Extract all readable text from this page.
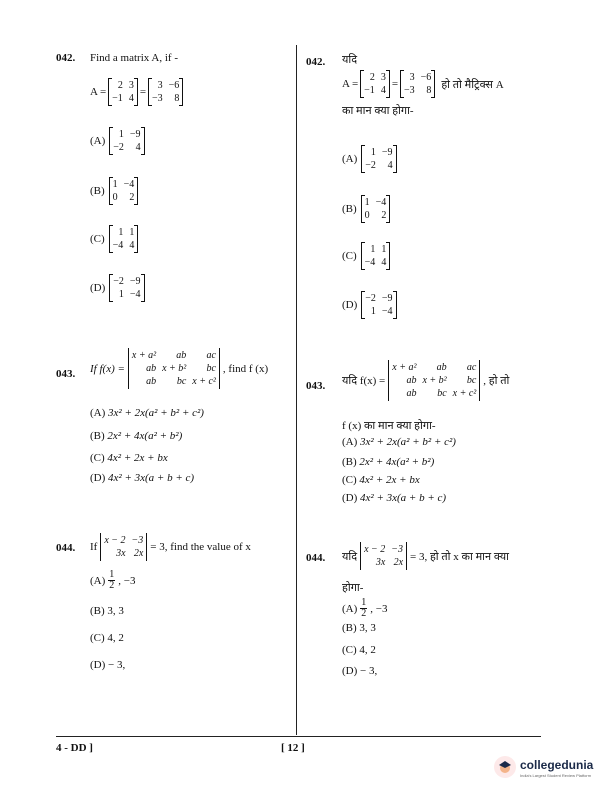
042. Find a matrix A, if -
A =
2 3
−1 4
=
3 −6
−3	8
(A)
1 −9
−2	4
(B)
1 −4
0	2
(C)
1 1
−4 4
(D)
−2 −9
1 −4
043. If f(x) =
x + a²	ab	ac
ab x + b²	bc
ab	bc x + c²
, find f (x)
(A) 3x² + 2x(a² + b² + c²)
(B) 2x² + 4x(a² + b²)
(C) 4x² + 2x + bx
(D) 4x² + 3x(a + b + c)
044. If
x − 2 −3
3x 2x
= 3, find the value of x
$(A) \frac{1}{2}$ , −3
(B) 3, 3
(C) 4, 2
(D) − 3,
042. यदि
A =
2 3
−1 4
=
3 −6
−3	8 हो तो मैट्रिक्स A
का मान क्या होगा-
(A)
1 −9
−2	4
(B)
1 −4
0	2
(C)
1 1
−4 4
(D)
−2 −9
1 −4
043. यदि f(x) =
x + a²	ab	ac
ab x + b²	bc
ab	bc x + c²
, हो तो
f (x) का मान क्या होगा-
(A) 3x² + 2x(a² + b² + c²)
(B) 2x² + 4x(a² + b²)
(C) 4x² + 2x + bx
(D) 4x² + 3x(a + b + c)
044. यदि
x − 2 −3
3x 2x = 3, हो तो x का मान क्या
होगा-
$(A) \frac{1}{2}$ , −3
(B) 3, 3
(C) 4, 2
(D) − 3,
4 - DD ]	[ 12 ]
collegedunia
India's Largest Student Review Platform
